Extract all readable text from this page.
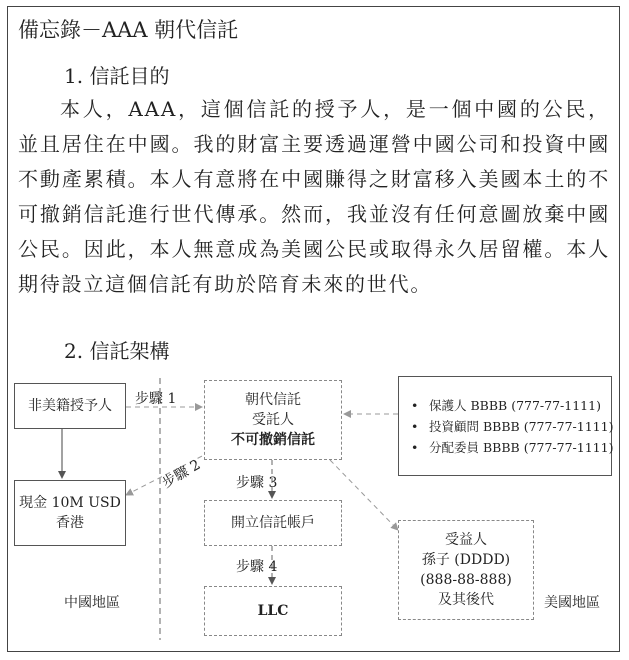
備忘錄－AAA 朝代信託
1. 信託目的
本人，AAA，這個信託的授予人，是一個中國的公民，並且居住在中國。我的財富主要透過運營中國公司和投資中國不動產累積。本人有意將在中國賺得之財富移入美國本土的不可撤銷信託進行世代傳承。然而，我並沒有任何意圖放棄中國公民。因此，本人無意成為美國公民或取得永久居留權。本人期待設立這個信託有助於陪育未來的世代。
2. 信託架構
非美籍授予人
現金 10M USD
香港
朝代信託
受託人
不可撤銷信託
• 保護人 BBBB (777-77-1111)
• 投資顧問 BBBB (777-77-1111)
• 分配委員 BBBB (777-77-1111)
開立信託帳戶
LLC
受益人
孫子 (DDDD)
(888-88-888)
及其後代
步驟 1
步驟 2 步驟 3
步驟 4
中國地區	美國地區
